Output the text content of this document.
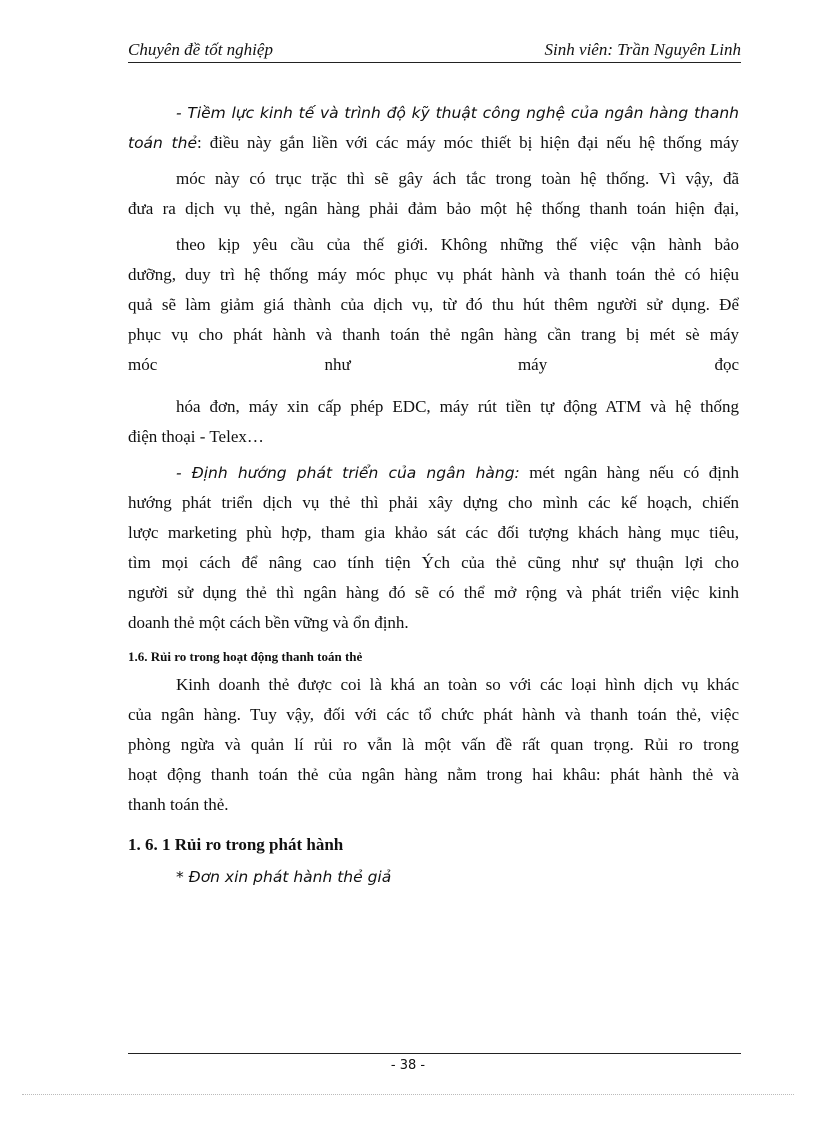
Chuyên đề tốt nghiệp	Sinh viên: Trần Nguyên Linh
- Tiềm lực kinh tế và trình độ kỹ thuật công nghệ của ngân hàng thanh
toán thẻ: điều này gắn liền với các máy móc thiết bị hiện đại nếu hệ thống máy
móc này có trục trặc thì sẽ gây ách tắc trong toàn hệ thống. Vì vậy, đã
đưa ra dịch vụ thẻ, ngân hàng phải đảm bảo một hệ thống thanh toán hiện đại,
theo kịp yêu cầu của thế giới. Không những thế việc vận hành bảo
dưỡng, duy trì hệ thống máy móc phục vụ phát hành và thanh toán thẻ có hiệu
quả sẽ làm giảm giá thành của dịch vụ, từ đó thu hút thêm người sử dụng. Để
phục vụ cho phát hành và thanh toán thẻ ngân hàng cần trang bị mét sè máy
móc như máy đọc
hóa đơn, máy xin cấp phép EDC, máy rút tiền tự động ATM và hệ thống
điện thoại - Telex…
- Định hướng phát triển của ngân hàng: mét ngân hàng nếu có định
hướng phát triển dịch vụ thẻ thì phải xây dựng cho mình các kế hoạch, chiến
lược marketing phù hợp, tham gia khảo sát các đối tượng khách hàng mục tiêu,
tìm mọi cách để nâng cao tính tiện Ých của thẻ cũng như sự thuận lợi cho
người sử dụng thẻ thì ngân hàng đó sẽ có thể mở rộng và phát triển việc kinh
doanh thẻ một cách bền vững và ổn định.
1.6. Rủi ro trong hoạt động thanh toán thẻ
Kinh doanh thẻ được coi là khá an toàn so với các loại hình dịch vụ khác
của ngân hàng. Tuy vậy, đối với các tổ chức phát hành và thanh toán thẻ, việc
phòng ngừa và quản lí rủi ro vẫn là một vấn đề rất quan trọng. Rủi ro trong
hoạt động thanh toán thẻ của ngân hàng nằm trong hai khâu: phát hành thẻ và
thanh toán thẻ.
1. 6. 1 Rủi ro trong phát hành
* Đơn xin phát hành thẻ giả
- 38 -
